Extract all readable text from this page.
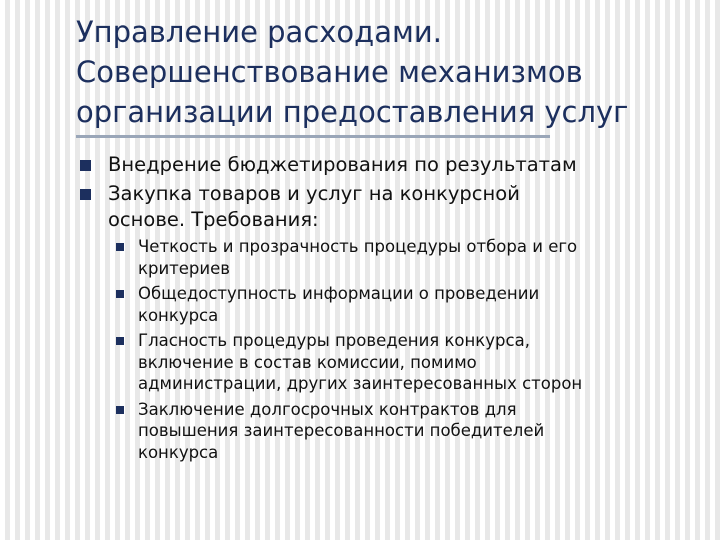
Управление расходами.
Совершенствование механизмов
организации предоставления услуг
Внедрение бюджетирования по результатам
Закупка товаров и услуг на конкурсной
основе. Требования:
Четкость и прозрачность процедуры отбора и его
критериев
Общедоступность информации о проведении
конкурса
Гласность процедуры проведения конкурса,
включение в состав комиссии, помимо
администрации, других заинтересованных сторон
Заключение долгосрочных контрактов для
повышения заинтересованности победителей
конкурса
